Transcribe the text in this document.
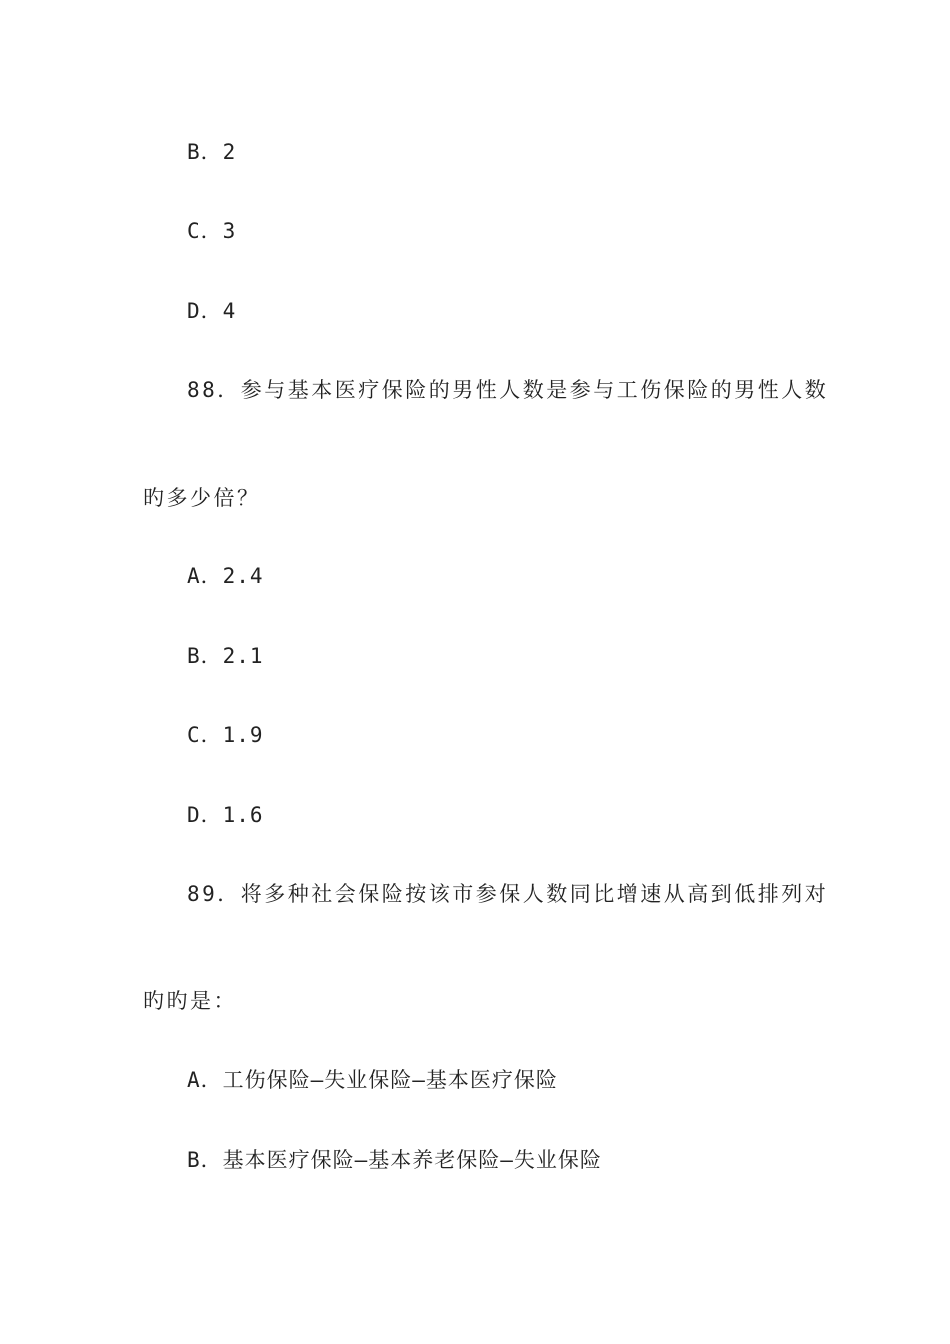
B．2
C．3
D．4
88．参与基本医疗保险的男性人数是参与工伤保险的男性人数
旳多少倍？
A．2.4
B．2.1
C．1.9
D．1.6
89．将多种社会保险按该市参保人数同比增速从高到低排列对
旳旳是：
A．工伤保险—失业保险—基本医疗保险
B．基本医疗保险—基本养老保险—失业保险
